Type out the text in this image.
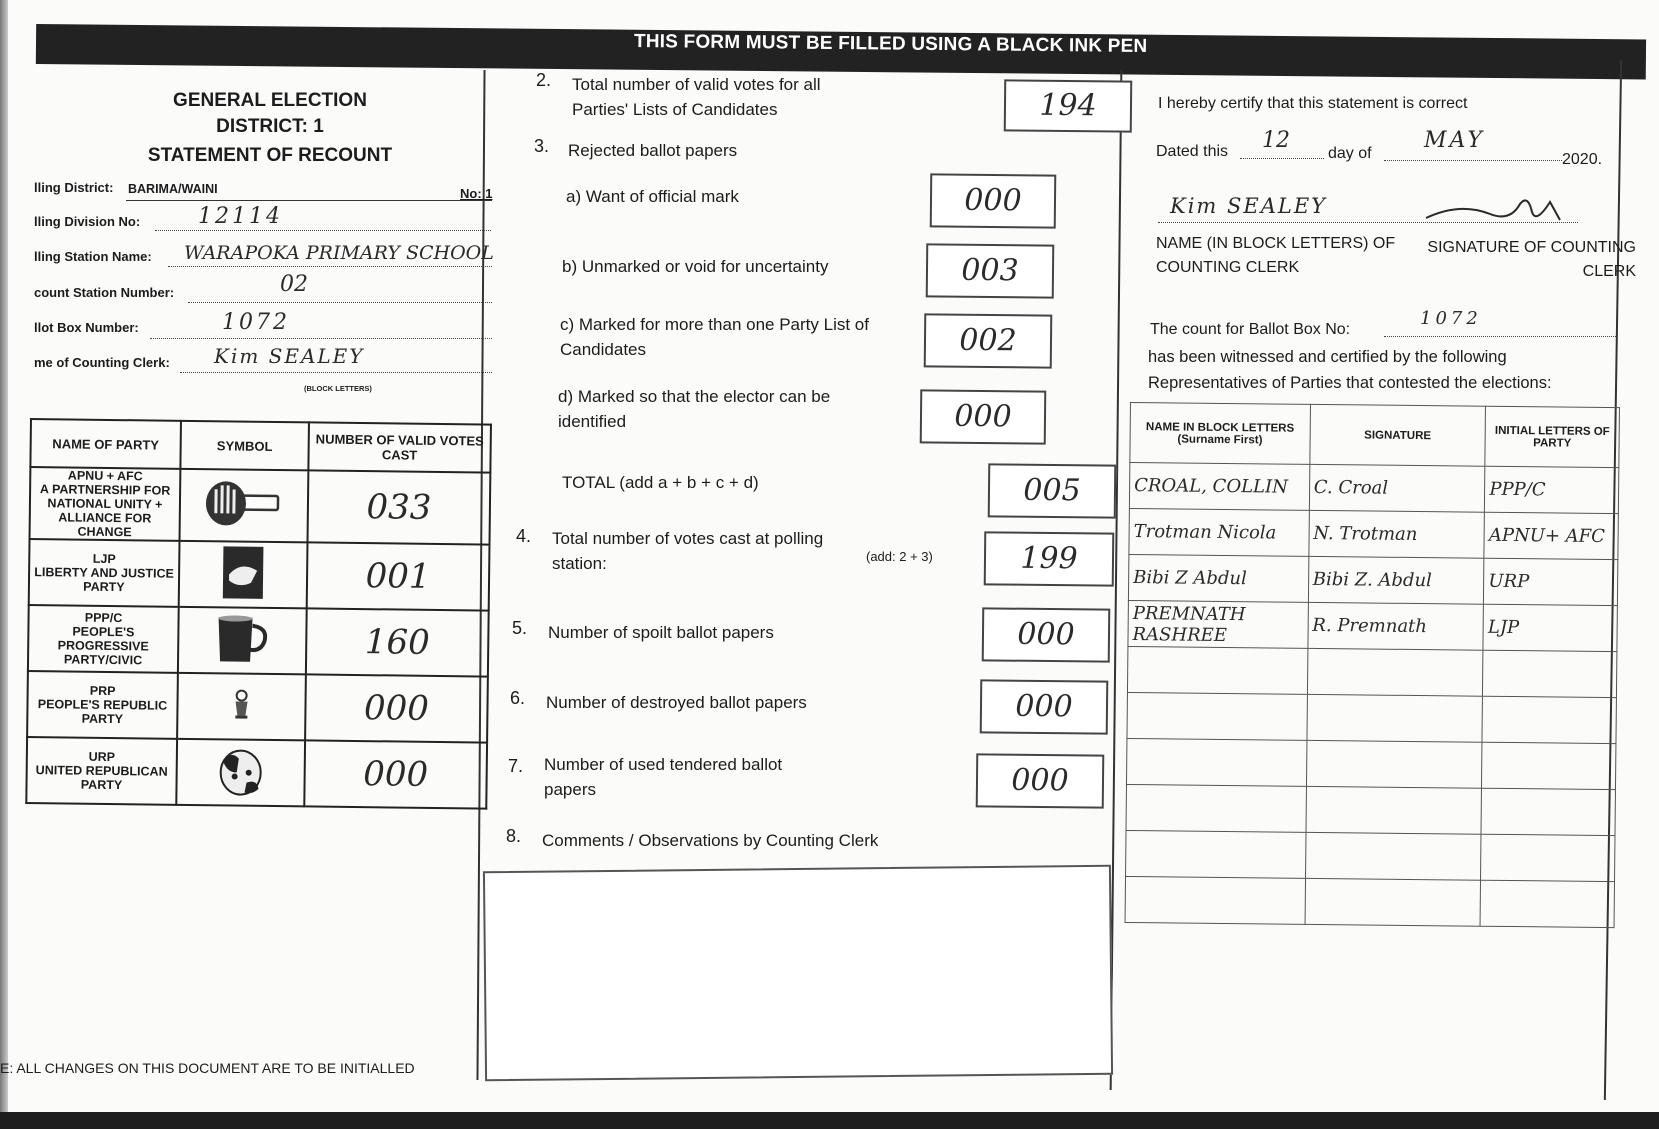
THIS FORM MUST BE FILLED USING A BLACK INK PEN
GENERAL ELECTION
DISTRICT: 1
STATEMENT OF RECOUNT
lling District: BARIMA/WAINI	No: 1
lling Division No:	12114
lling Station Name: WARAPOKA PRIMARY SCHOOL
count Station Number:	02
llot Box Number:	1072
me of Counting Clerk: Kim SEALEY
(BLOCK LETTERS)
NAME OF PARTY	SYMBOL	NUMBER OF VALID VOTES CAST

APNU + AFC
A PARTNERSHIP FOR NATIONAL UNITY + ALLIANCE FOR CHANGE		033

LJP
LIBERTY AND JUSTICE PARTY		001

PPP/C
PEOPLE'S PROGRESSIVE PARTY/CIVIC		160

PRP
PEOPLE'S REPUBLIC PARTY		000

URP
UNITED REPUBLICAN PARTY		000
2. Total number of valid votes for all Parties' Lists of Candidates	194
3. Rejected ballot papers
a) Want of official mark	000
b) Unmarked or void for uncertainty	003
c) Marked for more than one Party List of Candidates	002
d) Marked so that the elector can be identified	000
TOTAL (add a + b + c + d)	005
4. Total number of votes cast at polling station:	(add: 2 + 3)	199
5. Number of spoilt ballot papers	000
6. Number of destroyed ballot papers	000
7. Number of used tendered ballot papers	000
8. Comments / Observations by Counting Clerk
E: ALL CHANGES ON THIS DOCUMENT ARE TO BE INITIALLED
I hereby certify that this statement is correct
Dated this 12
day of
MAY
2020.
Kim SEALEY
NAME (IN BLOCK LETTERS) OF COUNTING CLERK
SIGNATURE OF COUNTING CLERK
The count for Ballot Box No:
1072
has been witnessed and certified by the following Representatives of Parties that contested the elections:
NAME IN BLOCK LETTERS (Surname First)	SIGNATURE	INITIAL LETTERS OF PARTY
CROAL, COLLIN	C. Croal	PPP/C
Trotman Nicola	N. Trotman	APNU+ AFC
Bibi Z Abdul	Bibi Z. Abdul	URP
PREMNATH RASHREE	R. Premnath	LJP
